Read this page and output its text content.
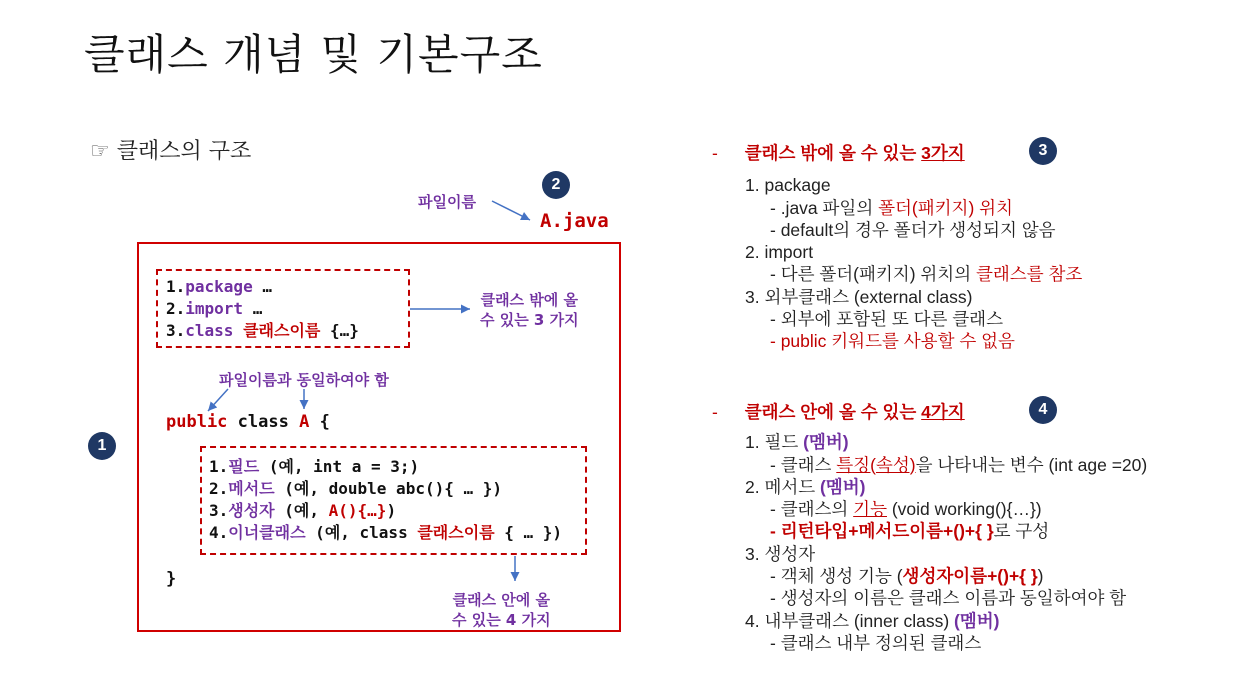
클래스 개념 및 기본구조
☞ 클래스의 구조
1
2
3
4
파일이름
A.java
1.package …
2.import …
3.class 클래스이름 {…}
클래스 밖에 올
수 있는 3 가지
파일이름과 동일하여야 함
public class A {
1.필드 (예, int a = 3;)
2.메서드 (예, double abc(){ … })
3.생성자 (예, A(){…})
4.이너클래스 (예, class 클래스이름 { … })
}
클래스 안에 올
수 있는 4 가지
- 클래스 밖에 올 수 있는 3가지
1. package
- .java 파일의 폴더(패키지) 위치
- default의 경우 폴더가 생성되지 않음
2. import
- 다른 폴더(패키지) 위치의 클래스를 참조
3. 외부클래스 (external class)
- 외부에 포함된 또 다른 클래스
- public 키워드를 사용할 수 없음
- 클래스 안에 올 수 있는 4가지
1. 필드 (멤버)
- 클래스 특징(속성)을 나타내는 변수 (int age =20)
2. 메서드 (멤버)
- 클래스의 기능 (void working(){…})
- 리턴타입+메서드이름+()+{ }로 구성
3. 생성자
- 객체 생성 기능 (생성자이름+()+{ })
- 생성자의 이름은 클래스 이름과 동일하여야 함
4. 내부클래스 (inner class) (멤버)
- 클래스 내부 정의된 클래스
